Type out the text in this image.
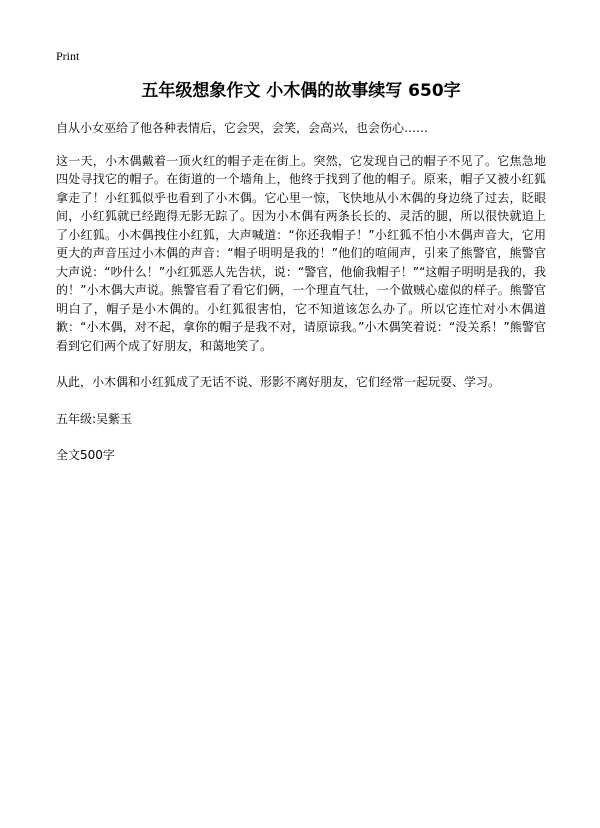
Print
五年级想象作文 小木偶的故事续写 650字

自从小女巫给了他各种表情后，它会哭，会笑，会高兴，也会伤心……

这一天，小木偶戴着一顶火红的帽子走在街上。突然，它发现自己的帽子不见了。它焦急地四处寻找它的帽子。在街道的一个墙角上，他终于找到了他的帽子。原来，帽子又被小红狐拿走了！小红狐似乎也看到了小木偶。它心里一惊，飞快地从小木偶的身边绕了过去，眨眼间，小红狐就已经跑得无影无踪了。因为小木偶有两条长长的、灵活的腿，所以很快就追上了小红狐。小木偶拽住小红狐，大声喊道：“你还我帽子！”小红狐不怕小木偶声音大，它用更大的声音压过小木偶的声音：“帽子明明是我的！”他们的喧闹声，引来了熊警官，熊警官大声说：“吵什么！”小红狐恶人先告状，说：“警官，他偷我帽子！”“这帽子明明是我的，我的！”小木偶大声说。熊警官看了看它们俩，一个理直气壮，一个做贼心虚似的样子。熊警官明白了，帽子是小木偶的。小红狐很害怕，它不知道该怎么办了。所以它连忙对小木偶道歉：“小木偶，对不起，拿你的帽子是我不对，请原谅我。”小木偶笑着说：“没关系！”熊警官看到它们两个成了好朋友，和蔼地笑了。

从此，小木偶和小红狐成了无话不说、形影不离好朋友，它们经常一起玩耍、学习。

五年级:吴紫玉

全文500字
